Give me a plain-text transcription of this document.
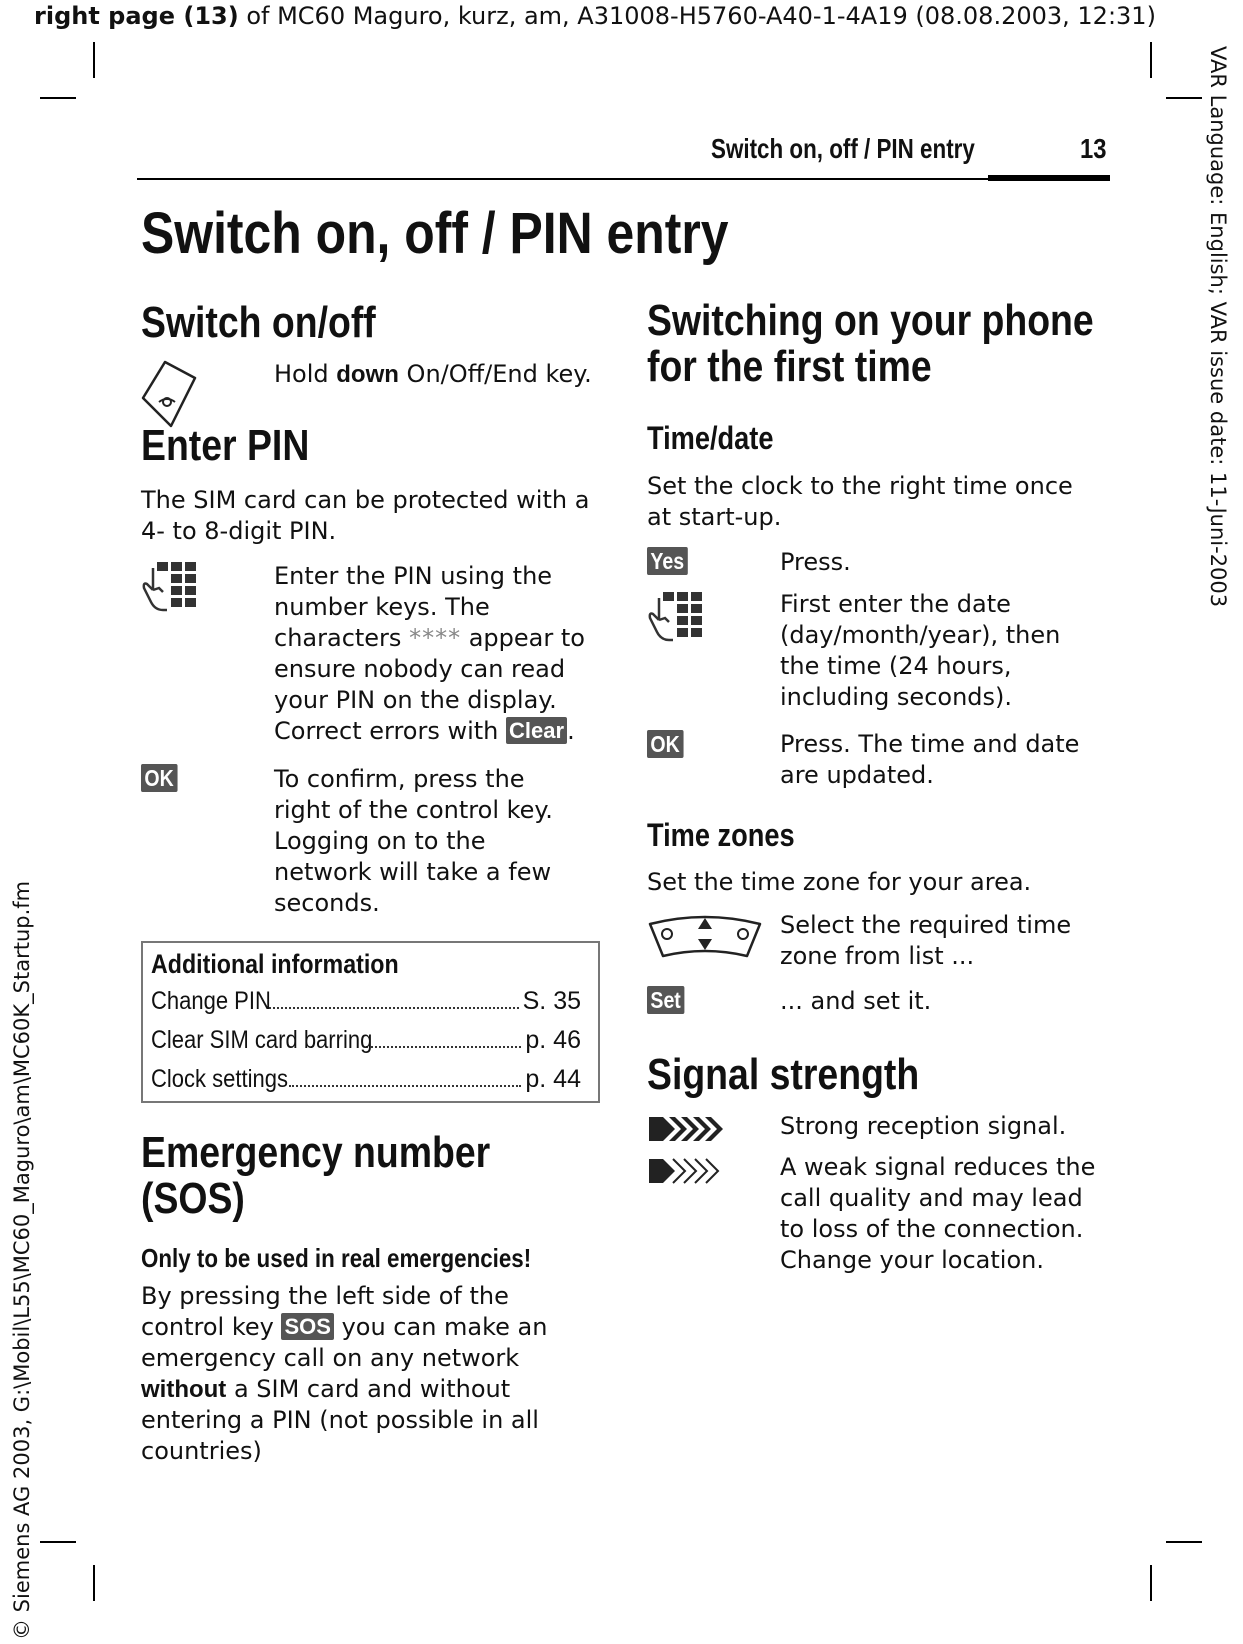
right page (13) of MC60 Maguro, kurz, am, A31008-H5760-A40-1-4A19 (08.08.2003, 12:31)
VAR Language: English; VAR issue date: 11-Juni-2003
© Siemens AG 2003, G:\Mobil\L55\MC60_Maguro\am\MC60K_Startup.fm
Switch on, off / PIN entry	13
Switch on, off / PIN entry
Switch on/off
Hold down On/Off/End key.
Enter PIN
The SIM card can be protected with a
4- to 8-digit PIN.
Enter the PIN using the
number keys. The
characters **** appear to
ensure nobody can read
your PIN on the display.
Correct errors with Clear .
OK	To confirm, press the
right of the control key.
Logging on to the
network will take a few
seconds.
Additional information
Change PIN	S. 35
Clear SIM card barring	p. 46
Clock settings	p. 44
Emergency number
(SOS)
Only to be used in real emergencies!
By pressing the left side of the
control key SOS you can make an
emergency call on any network
without a SIM card and without
entering a PIN (not possible in all
countries)
Switching on your phone
for the first time
Time/date
Set the clock to the right time once
at start-up.
Yes	Press.
First enter the date
(day/month/year), then
the time (24 hours,
including seconds).
OK	Press. The time and date
are updated.
Time zones
Set the time zone for your area.
Select the required time
zone from list ...
Set	... and set it.
Signal strength
Strong reception signal.
A weak signal reduces the
call quality and may lead
to loss of the connection.
Change your location.
